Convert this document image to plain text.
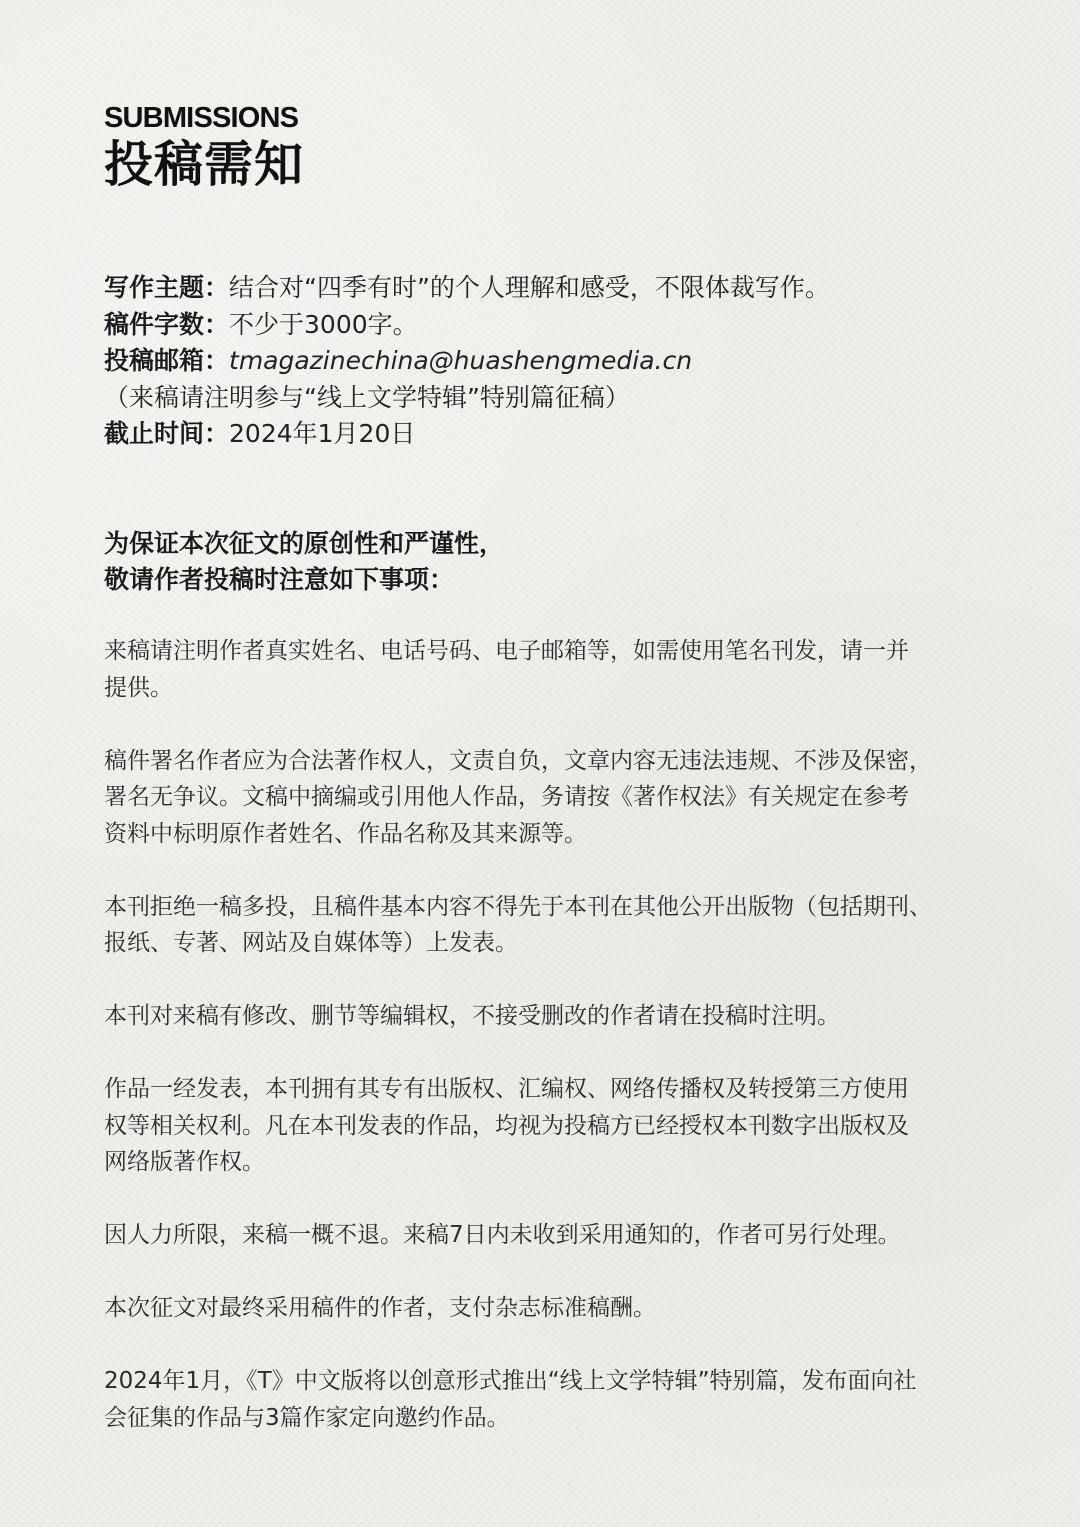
SUBMISSIONS
投稿需知
写作主题：结合对“四季有时”的个人理解和感受，不限体裁写作。
稿件字数：不少于3000字。
投稿邮箱：tmagazinechina@huashengmedia.cn
（来稿请注明参与“线上文学特辑”特别篇征稿）
截止时间：2024年1月20日
为保证本次征文的原创性和严谨性，
敬请作者投稿时注意如下事项：

来稿请注明作者真实姓名、电话号码、电子邮箱等，如需使用笔名刊发，请一并
提供。

稿件署名作者应为合法著作权人，文责自负，文章内容无违法违规、不涉及保密，
署名无争议。文稿中摘编或引用他人作品，务请按《著作权法》有关规定在参考
资料中标明原作者姓名、作品名称及其来源等。

本刊拒绝一稿多投，且稿件基本内容不得先于本刊在其他公开出版物（包括期刊、
报纸、专著、网站及自媒体等）上发表。

本刊对来稿有修改、删节等编辑权，不接受删改的作者请在投稿时注明。

作品一经发表，本刊拥有其专有出版权、汇编权、网络传播权及转授第三方使用
权等相关权利。凡在本刊发表的作品，均视为投稿方已经授权本刊数字出版权及
网络版著作权。

因人力所限，来稿一概不退。来稿7日内未收到采用通知的，作者可另行处理。

本次征文对最终采用稿件的作者，支付杂志标准稿酬。

2024年1月，《T》中文版将以创意形式推出“线上文学特辑”特别篇，发布面向社
会征集的作品与3篇作家定向邀约作品。
